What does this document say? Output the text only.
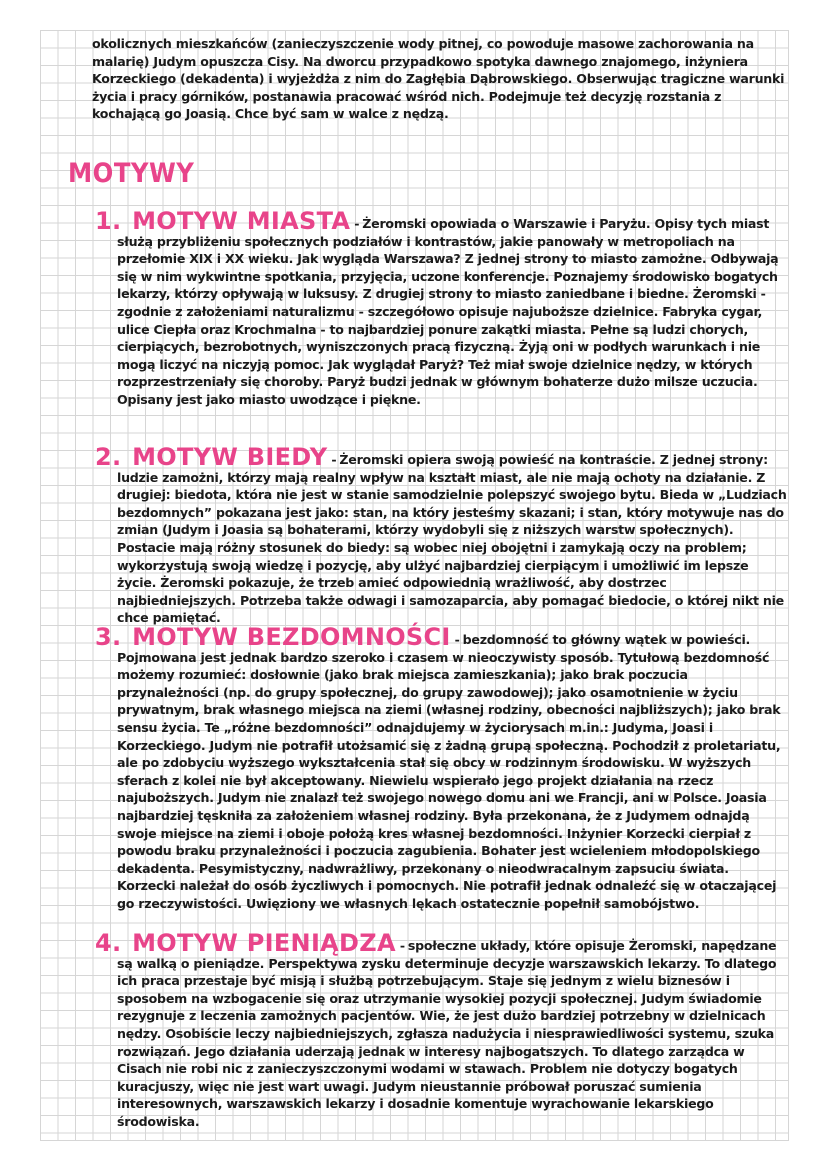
okolicznych mieszkańców (zanieczyszczenie wody pitnej, co powoduje masowe zachorowania na malarię) Judym opuszcza Cisy. Na dworcu przypadkowo spotyka dawnego znajomego, inżyniera Korzeckiego (dekadenta) i wyjeżdża z nim do Zagłębia Dąbrowskiego. Obserwując tragiczne warunki życia i pracy górników, postanawia pracować wśród nich. Podejmuje też decyzję rozstania z kochającą go Joasią. Chce być sam w walce z nędzą.

MOTYWY

1. MOTYW MIASTA - Żeromski opowiada o Warszawie i Paryżu. Opisy tych miast służą przybliżeniu społecznych podziałów i kontrastów, jakie panowały w metropoliach na przełomie XIX i XX wieku. Jak wygląda Warszawa? Z jednej strony to miasto zamożne. Odbywają się w nim wykwintne spotkania, przyjęcia, uczone konferencje. Poznajemy środowisko bogatych lekarzy, którzy opływają w luksusy. Z drugiej strony to miasto zaniedbane i biedne. Żeromski - zgodnie z założeniami naturalizmu - szczegółowo opisuje najuboższe dzielnice. Fabryka cygar, ulice Ciepła oraz Krochmalna - to najbardziej ponure zakątki miasta. Pełne są ludzi chorych, cierpiących, bezrobotnych, wyniszczonych pracą fizyczną. Żyją oni w podłych warunkach i nie mogą liczyć na niczyją pomoc. Jak wyglądał Paryż? Też miał swoje dzielnice nędzy, w których rozprzestrzeniały się choroby. Paryż budzi jednak w głównym bohaterze dużo milsze uczucia. Opisany jest jako miasto uwodzące i piękne.

2. MOTYW BIEDY - Żeromski opiera swoją powieść na kontraście. Z jednej strony: ludzie zamożni, którzy mają realny wpływ na kształt miast, ale nie mają ochoty na działanie. Z drugiej: biedota, która nie jest w stanie samodzielnie polepszyć swojego bytu. Bieda w „Ludziach bezdomnych” pokazana jest jako: stan, na który jesteśmy skazani; i stan, który motywuje nas do zmian (Judym i Joasia są bohaterami, którzy wydobyli się z niższych warstw społecznych). Postacie mają różny stosunek do biedy: są wobec niej obojętni i zamykają oczy na problem; wykorzystują swoją wiedzę i pozycję, aby ulżyć najbardziej cierpiącym i umożliwić im lepsze życie. Żeromski pokazuje, że trzeb amieć odpowiednią wrażliwość, aby dostrzec najbiedniejszych. Potrzeba także odwagi i samozaparcia, aby pomagać biedocie, o której nikt nie chce pamiętać.

3. MOTYW BEZDOMNOŚCI - bezdomność to główny wątek w powieści. Pojmowana jest jednak bardzo szeroko i czasem w nieoczywisty sposób. Tytułową bezdomność możemy rozumieć: dosłownie (jako brak miejsca zamieszkania); jako brak poczucia przynależności (np. do grupy społecznej, do grupy zawodowej); jako osamotnienie w życiu prywatnym, brak własnego miejsca na ziemi (własnej rodziny, obecności najbliższych); jako brak sensu życia. Te „różne bezdomności” odnajdujemy w życiorysach m.in.: Judyma, Joasi i Korzeckiego. Judym nie potrafił utożsamić się z żadną grupą społeczną. Pochodził z proletariatu, ale po zdobyciu wyższego wykształcenia stał się obcy w rodzinnym środowisku. W wyższych sferach z kolei nie był akceptowany. Niewielu wspierało jego projekt działania na rzecz najuboższych. Judym nie znalazł też swojego nowego domu ani we Francji, ani w Polsce. Joasia najbardziej tęskniła za założeniem własnej rodziny. Była przekonana, że z Judymem odnajdą swoje miejsce na ziemi i oboje położą kres własnej bezdomności. Inżynier Korzecki cierpiał z powodu braku przynależności i poczucia zagubienia. Bohater jest wcieleniem młodopolskiego dekadenta. Pesymistyczny, nadwrażliwy, przekonany o nieodwracalnym zapsuciu świata. Korzecki należał do osób życzliwych i pomocnych. Nie potrafił jednak odnaleźć się w otaczającej go rzeczywistości. Uwięziony we własnych lękach ostatecznie popełnił samobójstwo.

4. MOTYW PIENIĄDZA - społeczne układy, które opisuje Żeromski, napędzane są walką o pieniądze. Perspektywa zysku determinuje decyzje warszawskich lekarzy. To dlatego ich praca przestaje być misją i służbą potrzebującym. Staje się jednym z wielu biznesów i sposobem na wzbogacenie się oraz utrzymanie wysokiej pozycji społecznej. Judym świadomie rezygnuje z leczenia zamożnych pacjentów. Wie, że jest dużo bardziej potrzebny w dzielnicach nędzy. Osobiście leczy najbiedniejszych, zgłasza nadużycia i niesprawiedliwości systemu, szuka rozwiązań. Jego działania uderzają jednak w interesy najbogatszych. To dlatego zarządca w Cisach nie robi nic z zanieczyszczonymi wodami w stawach. Problem nie dotyczy bogatych kuracjuszy, więc nie jest wart uwagi. Judym nieustannie próbował poruszać sumienia interesownych, warszawskich lekarzy i dosadnie komentuje wyrachowanie lekarskiego środowiska.
